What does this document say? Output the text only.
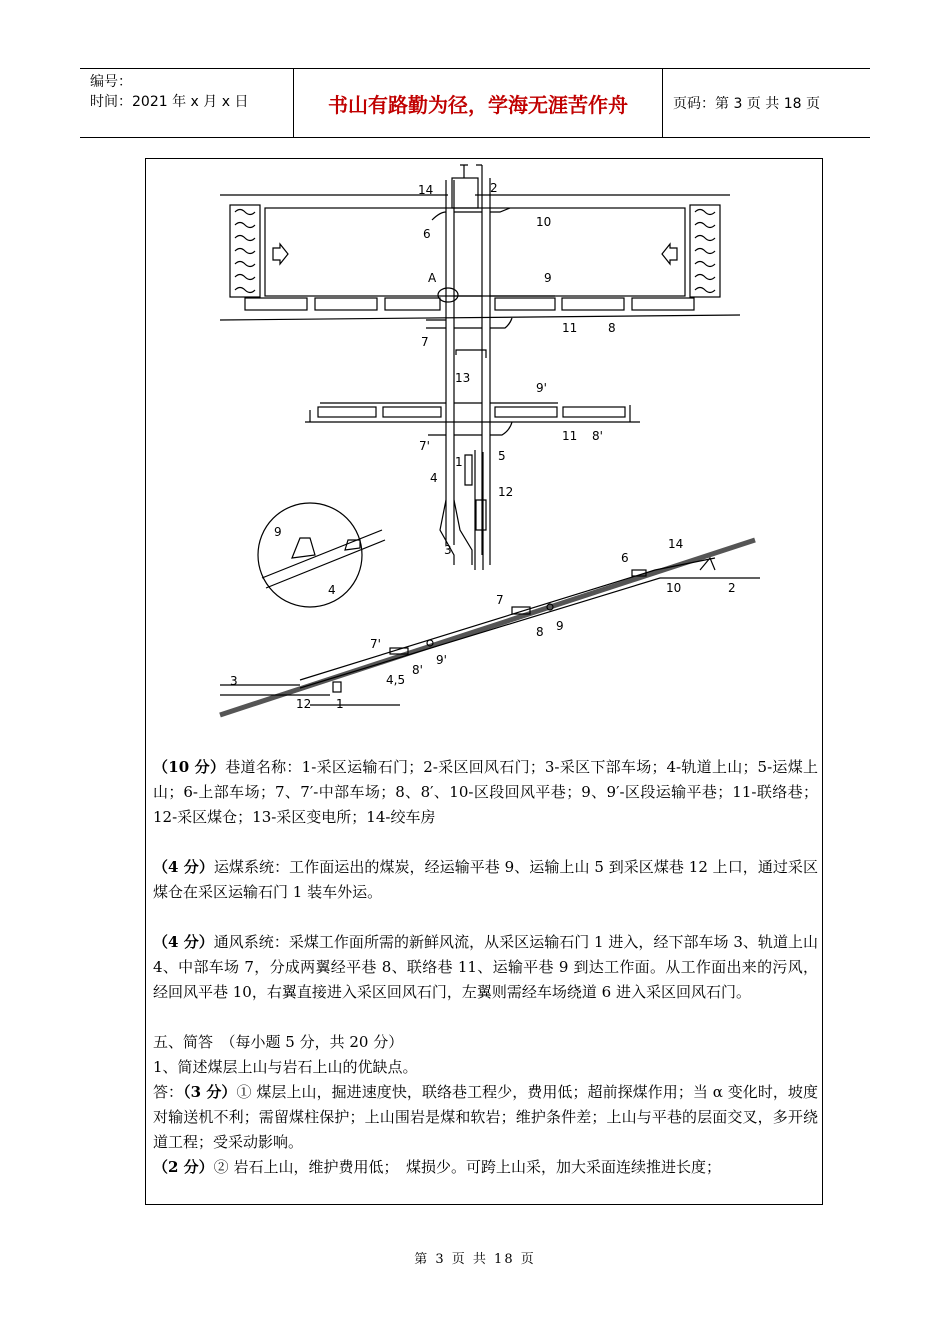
编号：
时间：2021 年 x 月 x 日	书山有路勤为径，学海无涯苦作舟	页码：第 3 页 共 18 页
14	2
10
6
A	9
11	8
7
13
9'
11 8'
7'
1	5
4
12
3
9
4
6
14
10	2
7
8 9
7'
8'
9'
4,5
3
12 1

（10 分）巷道名称：1-采区运输石门；2-采区回风石门；3-采区下部车场；4-轨道上山；5-运煤上山；6-上部车场；7、7′-中部车场；8、8′、10-区段回风平巷；9、9′-区段运输平巷；11-联络巷；12-采区煤仓；13-采区变电所；14-绞车房

（4 分）运煤系统：工作面运出的煤炭，经运输平巷 9、运输上山 5 到采区煤巷 12 上口，通过采区煤仓在采区运输石门 1 装车外运。

（4 分）通风系统：采煤工作面所需的新鲜风流，从采区运输石门 1 进入，经下部车场 3、轨道上山 4、中部车场 7，分成两翼经平巷 8、联络巷 11、运输平巷 9 到达工作面。从工作面出来的污风，经回风平巷 10，右翼直接进入采区回风石门，左翼则需经车场绕道 6 进入采区回风石门。

五、简答　（每小题 5 分，共 20 分）

1、简述煤层上山与岩石上山的优缺点。

答：（3 分）① 煤层上山，掘进速度快，联络巷工程少，费用低；超前探煤作用；当 α 变化时，坡度对输送机不利；需留煤柱保护；上山围岩是煤和软岩；维护条件差；上山与平巷的层面交叉，多开绕道工程；受采动影响。

（2 分）② 岩石上山，维护费用低；　煤损少。可跨上山采，加大采面连续推进长度；

第 3 页 共 18 页
